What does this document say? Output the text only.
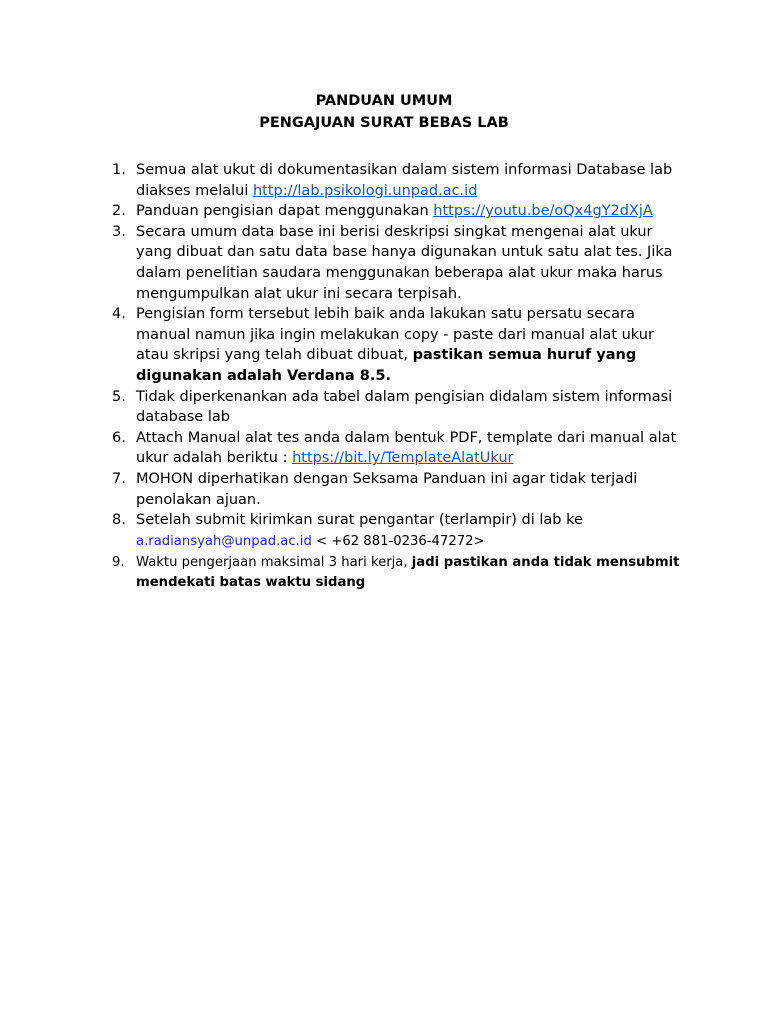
PANDUAN UMUM
PENGAJUAN SURAT BEBAS LAB
1. Semua alat ukut di dokumentasikan dalam sistem informasi Database lab diakses melalui http://lab.psikologi.unpad.ac.id
2. Panduan pengisian dapat menggunakan https://youtu.be/oQx4gY2dXjA
3. Secara umum data base ini berisi deskripsi singkat mengenai alat ukur yang dibuat dan satu data base hanya digunakan untuk satu alat tes. Jika dalam penelitian saudara menggunakan beberapa alat ukur maka harus mengumpulkan alat ukur ini secara terpisah.
4. Pengisian form tersebut lebih baik anda lakukan satu persatu secara manual namun jika ingin melakukan copy - paste dari manual alat ukur atau skripsi yang telah dibuat dibuat, pastikan semua huruf yang digunakan adalah Verdana 8.5.
5. Tidak diperkenankan ada tabel dalam pengisian didalam sistem informasi database lab
6. Attach Manual alat tes anda dalam bentuk PDF, template dari manual alat ukur adalah beriktu : https://bit.ly/TemplateAlatUkur
7. MOHON diperhatikan dengan Seksama Panduan ini agar tidak terjadi penolakan ajuan.
8. Setelah submit kirimkan surat pengantar (terlampir) di lab ke
a.radiansyah@unpad.ac.id < +62 881-0236-47272>
9. Waktu pengerjaan maksimal 3 hari kerja, jadi pastikan anda tidak mensubmit mendekati batas waktu sidang
